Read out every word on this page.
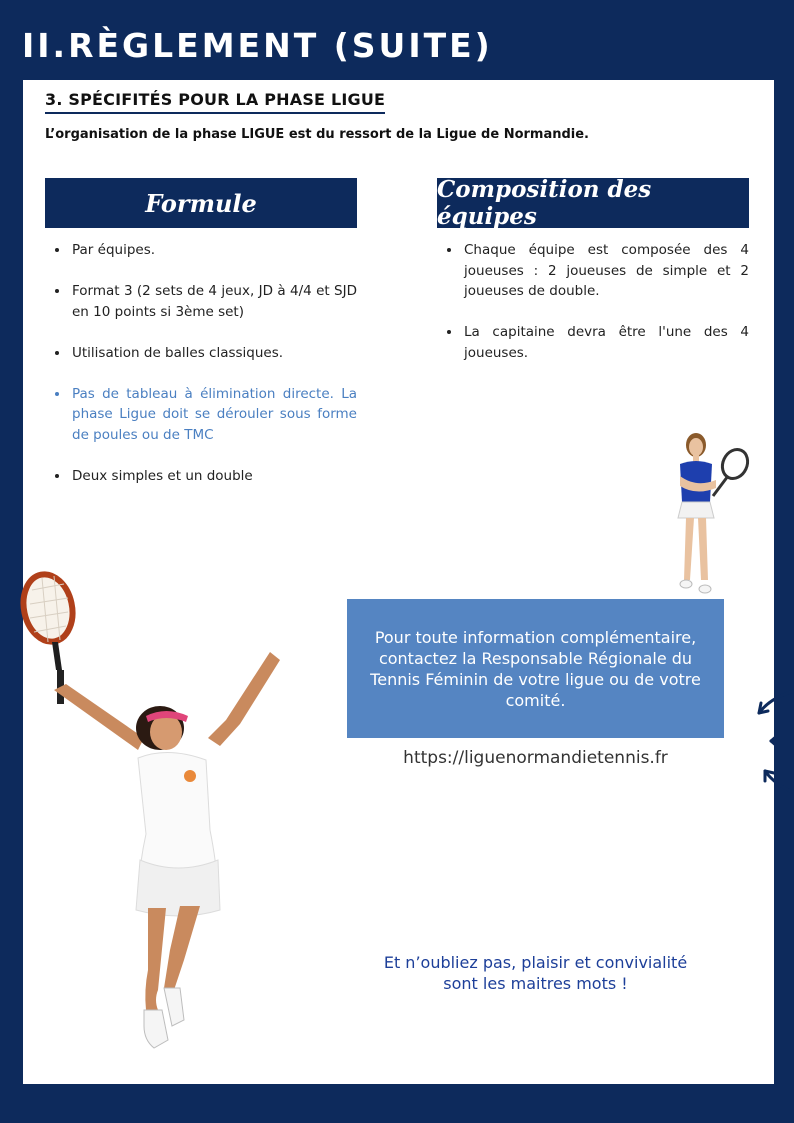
II.RÈGLEMENT (SUITE)
3. SPÉCIFITÉS POUR LA PHASE LIGUE
L’organisation de la phase LIGUE est du ressort de la Ligue de Normandie.
Formule	Composition des équipes
• Par équipes.
• Format 3 (2 sets de 4 jeux, JD à 4/4 et SJD en 10 points si 3ème set)
• Utilisation de balles classiques.
• Pas de tableau à élimination directe. La phase Ligue doit se dérouler sous forme de poules ou de TMC
• Deux simples et un double
• Chaque équipe est composée des 4 joueuses : 2 joueuses de simple et 2 joueuses de double.
• La capitaine devra être l'une des 4 joueuses.
Pour toute information complémentaire, contactez la Responsable Régionale du Tennis Féminin de votre ligue ou de votre comité.
https://liguenormandietennis.fr
Et n’oubliez pas, plaisir et convivialité
sont les maitres mots !
